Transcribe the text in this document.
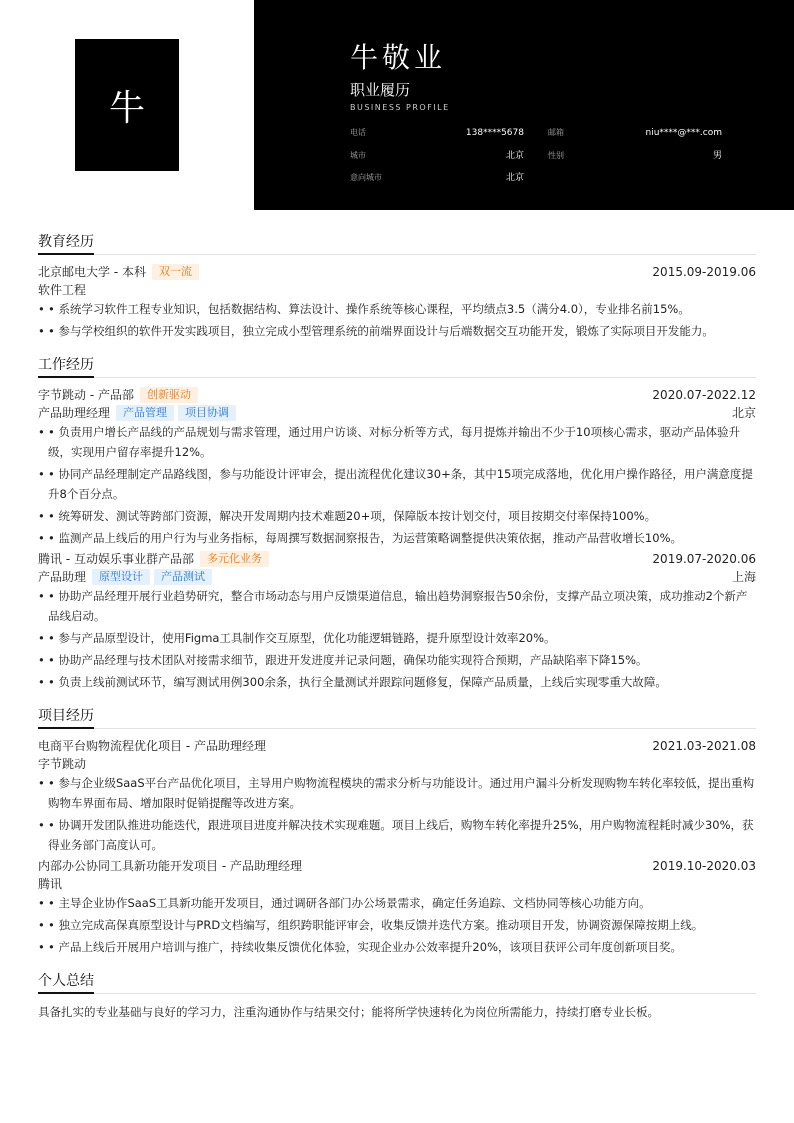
牛
牛敬业
职业履历
BUSINESS PROFILE
电话	138****5678	邮箱	niu****@***.com
城市	北京	性别	男
意向城市	北京
教育经历
北京邮电大学 - 本科	双一流	2015.09-2019.06
软件工程
• • 系统学习软件工程专业知识，包括数据结构、算法设计、操作系统等核心课程，平均绩点3.5（满分4.0），专业排名前15%。
• • 参与学校组织的软件开发实践项目，独立完成小型管理系统的前端界面设计与后端数据交互功能开发，锻炼了实际项目开发能力。
工作经历
字节跳动 - 产品部	创新驱动	2020.07-2022.12
产品助理经理	产品管理	项目协调	北京
• • 负责用户增长产品线的产品规划与需求管理，通过用户访谈、对标分析等方式，每月提炼并输出不少于10项核心需求，驱动产品体验升级，实现用户留存率提升12%。
• • 协同产品经理制定产品路线图，参与功能设计评审会，提出流程优化建议30+条，其中15项完成落地，优化用户操作路径，用户满意度提升8个百分点。
• • 统筹研发、测试等跨部门资源，解决开发周期内技术难题20+项，保障版本按计划交付，项目按期交付率保持100%。
• • 监测产品上线后的用户行为与业务指标，每周撰写数据洞察报告，为运营策略调整提供决策依据，推动产品营收增长10%。
腾讯 - 互动娱乐事业群产品部	多元化业务	2019.07-2020.06
产品助理	原型设计	产品测试	上海
• • 协助产品经理开展行业趋势研究，整合市场动态与用户反馈渠道信息，输出趋势洞察报告50余份，支撑产品立项决策，成功推动2个新产品线启动。
• • 参与产品原型设计，使用Figma工具制作交互原型，优化功能逻辑链路，提升原型设计效率20%。
• • 协助产品经理与技术团队对接需求细节，跟进开发进度并记录问题，确保功能实现符合预期，产品缺陷率下降15%。
• • 负责上线前测试环节，编写测试用例300余条，执行全量测试并跟踪问题修复，保障产品质量，上线后实现零重大故障。
项目经历
电商平台购物流程优化项目 - 产品助理经理	2021.03-2021.08
字节跳动
• • 参与企业级SaaS平台产品优化项目，主导用户购物流程模块的需求分析与功能设计。通过用户漏斗分析发现购物车转化率较低，提出重构购物车界面布局、增加限时促销提醒等改进方案。
• • 协调开发团队推进功能迭代，跟进项目进度并解决技术实现难题。项目上线后，购物车转化率提升25%，用户购物流程耗时减少30%，获得业务部门高度认可。
内部办公协同工具新功能开发项目 - 产品助理经理	2019.10-2020.03
腾讯
• • 主导企业协作SaaS工具新功能开发项目，通过调研各部门办公场景需求，确定任务追踪、文档协同等核心功能方向。
• • 独立完成高保真原型设计与PRD文档编写，组织跨职能评审会，收集反馈并迭代方案。推动项目开发，协调资源保障按期上线。
• • 产品上线后开展用户培训与推广，持续收集反馈优化体验，实现企业办公效率提升20%，该项目获评公司年度创新项目奖。
个人总结
具备扎实的专业基础与良好的学习力，注重沟通协作与结果交付；能将所学快速转化为岗位所需能力，持续打磨专业长板。
